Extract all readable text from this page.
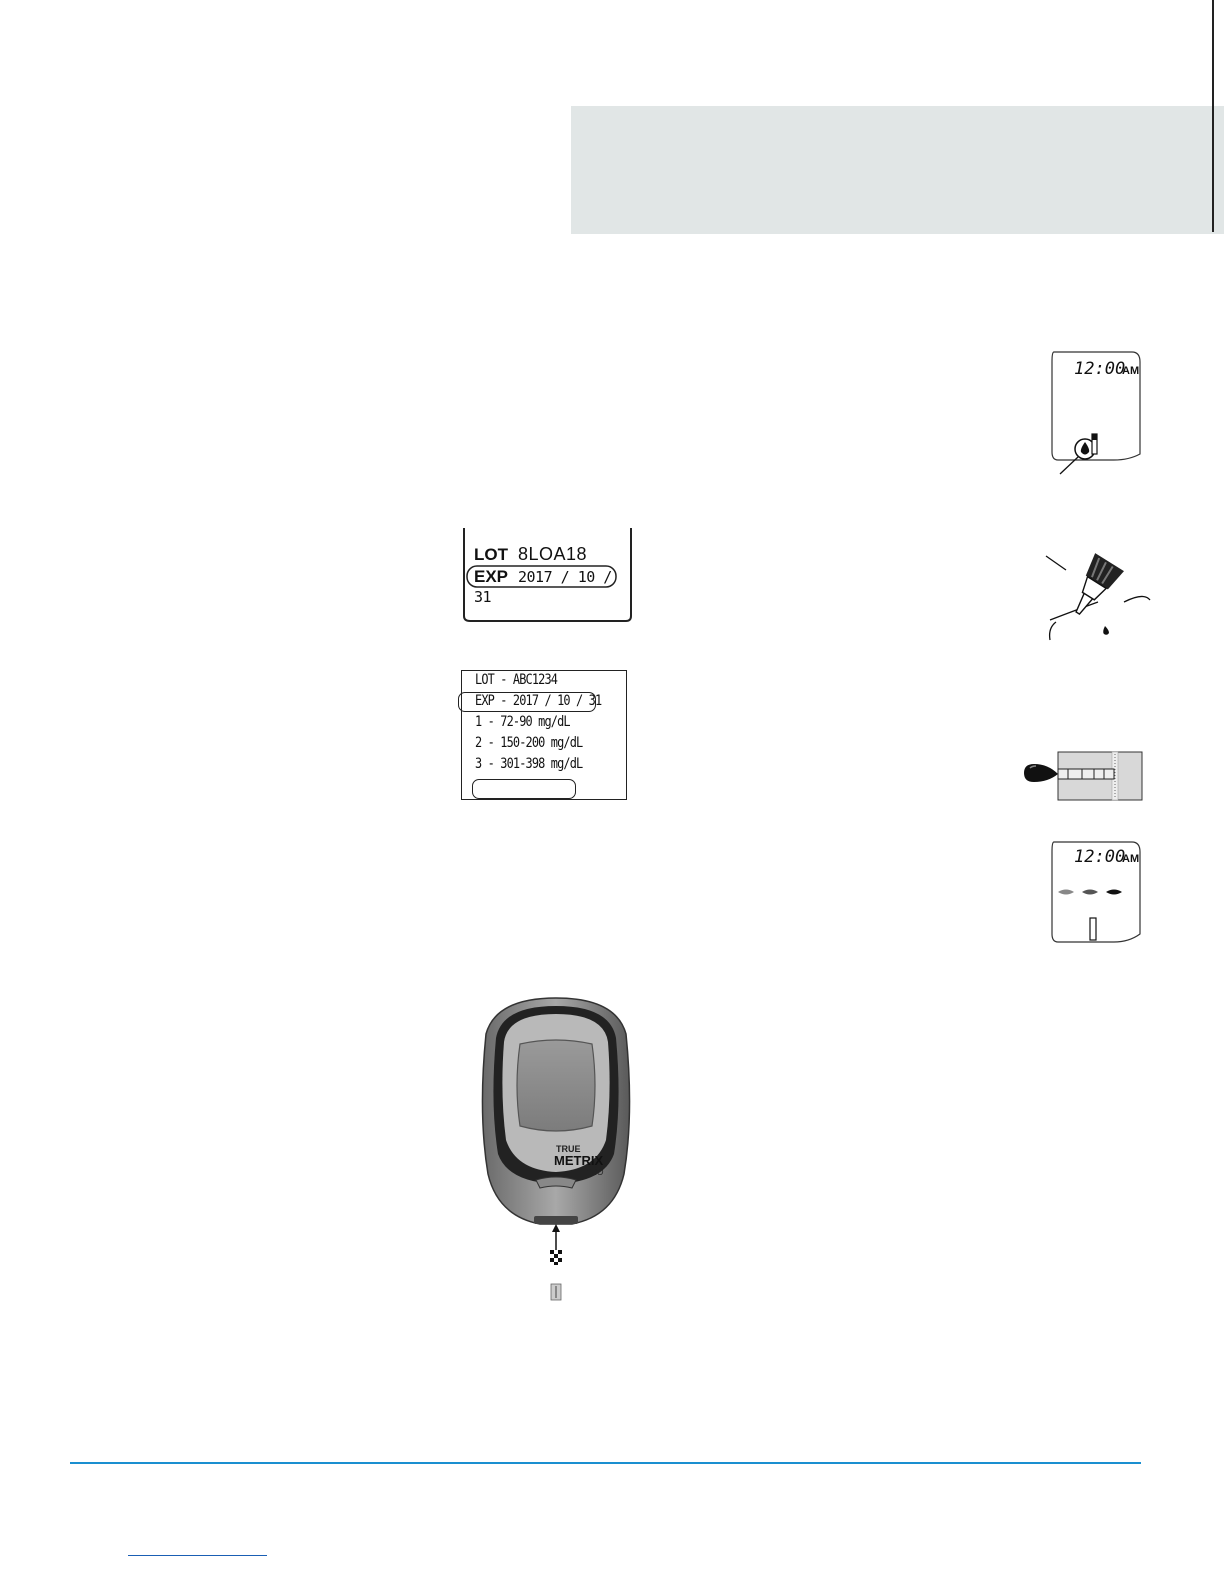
12:00
AM
LOT 8LOA18
EXP 2017 / 10 / 31
LOT - ABC1234
EXP - 2017 / 10 / 31
1 - 72-90 mg/dL
2 - 150-200 mg/dL
3 - 301-398 mg/dL
12:00
AM
TRUE
METRIX
PRO
